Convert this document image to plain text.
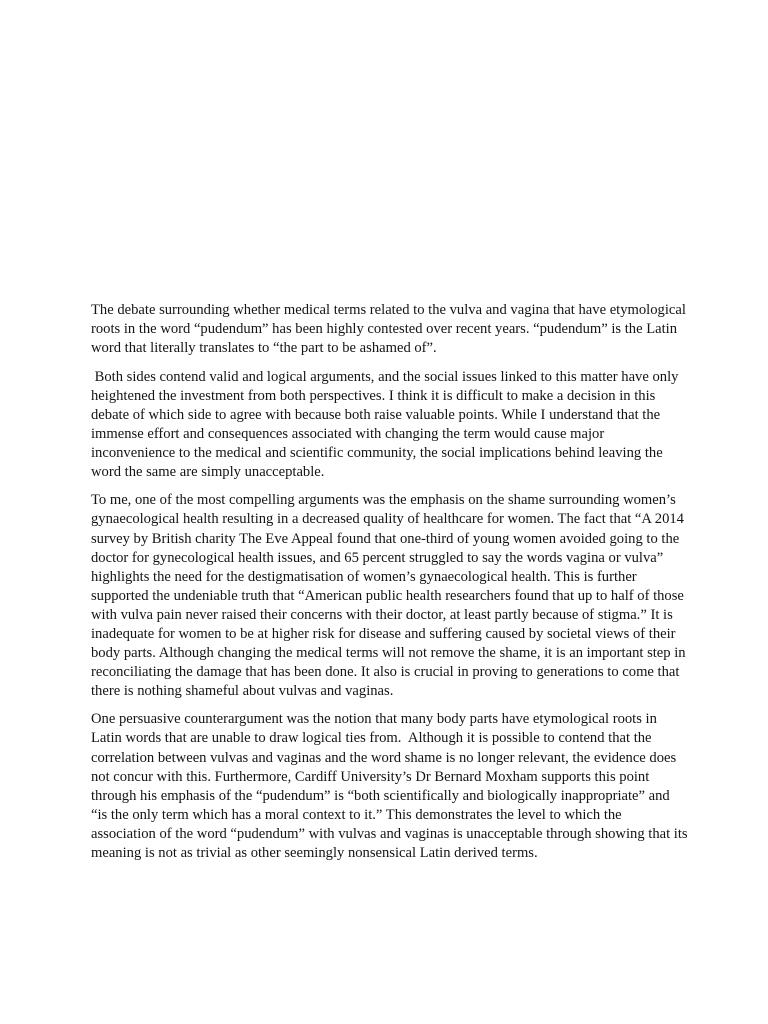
The debate surrounding whether medical terms related to the vulva and vagina that have etymological roots in the word “pudendum” has been highly contested over recent years. “pudendum” is the Latin word that literally translates to “the part to be ashamed of”.

Both sides contend valid and logical arguments, and the social issues linked to this matter have only heightened the investment from both perspectives. I think it is difficult to make a decision in this debate of which side to agree with because both raise valuable points. While I understand that the immense effort and consequences associated with changing the term would cause major inconvenience to the medical and scientific community, the social implications behind leaving the word the same are simply unacceptable.

To me, one of the most compelling arguments was the emphasis on the shame surrounding women’s gynaecological health resulting in a decreased quality of healthcare for women. The fact that “A 2014 survey by British charity The Eve Appeal found that one-third of young women avoided going to the doctor for gynecological health issues, and 65 percent struggled to say the words vagina or vulva” highlights the need for the destigmatisation of women’s gynaecological health. This is further supported the undeniable truth that “American public health researchers found that up to half of those with vulva pain never raised their concerns with their doctor, at least partly because of stigma.” It is inadequate for women to be at higher risk for disease and suffering caused by societal views of their body parts. Although changing the medical terms will not remove the shame, it is an important step in reconciliating the damage that has been done. It also is crucial in proving to generations to come that there is nothing shameful about vulvas and vaginas.

One persuasive counterargument was the notion that many body parts have etymological roots in Latin words that are unable to draw logical ties from.  Although it is possible to contend that the correlation between vulvas and vaginas and the word shame is no longer relevant, the evidence does not concur with this. Furthermore, Cardiff University’s Dr Bernard Moxham supports this point through his emphasis of the “pudendum” is “both scientifically and biologically inappropriate” and “is the only term which has a moral context to it.” This demonstrates the level to which the association of the word “pudendum” with vulvas and vaginas is unacceptable through showing that its meaning is not as trivial as other seemingly nonsensical Latin derived terms.
